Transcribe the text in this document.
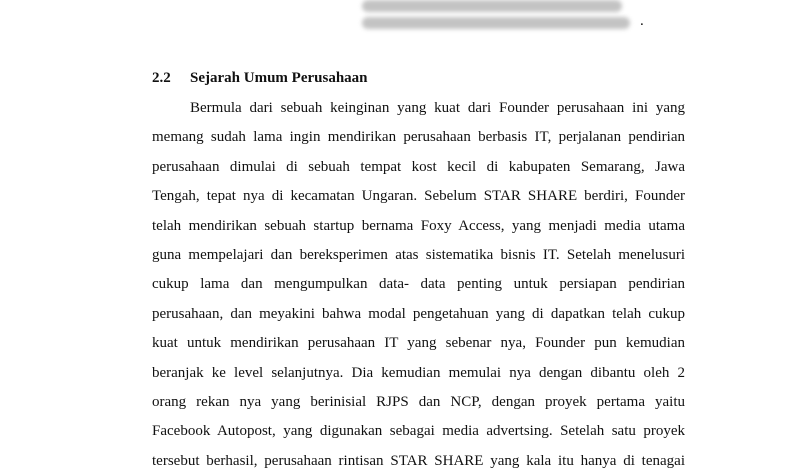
.
2.2 Sejarah Umum Perusahaan
Bermula dari sebuah keinginan yang kuat dari Founder perusahaan ini yang
memang sudah lama ingin mendirikan perusahaan berbasis IT, perjalanan pendirian
perusahaan dimulai di sebuah tempat kost kecil di kabupaten Semarang, Jawa
Tengah, tepat nya di kecamatan Ungaran. Sebelum STAR SHARE berdiri, Founder
telah mendirikan sebuah startup bernama Foxy Access, yang menjadi media utama
guna mempelajari dan bereksperimen atas sistematika bisnis IT. Setelah menelusuri
cukup lama dan mengumpulkan data- data penting untuk persiapan pendirian
perusahaan, dan meyakini bahwa modal pengetahuan yang di dapatkan telah cukup
kuat untuk mendirikan perusahaan IT yang sebenar nya, Founder pun kemudian
beranjak ke level selanjutnya. Dia kemudian memulai nya dengan dibantu oleh 2
orang rekan nya yang berinisial RJPS dan NCP, dengan proyek pertama yaitu
Facebook Autopost, yang digunakan sebagai media advertsing. Setelah satu proyek
tersebut berhasil, perusahaan rintisan STAR SHARE yang kala itu hanya di tenagai
